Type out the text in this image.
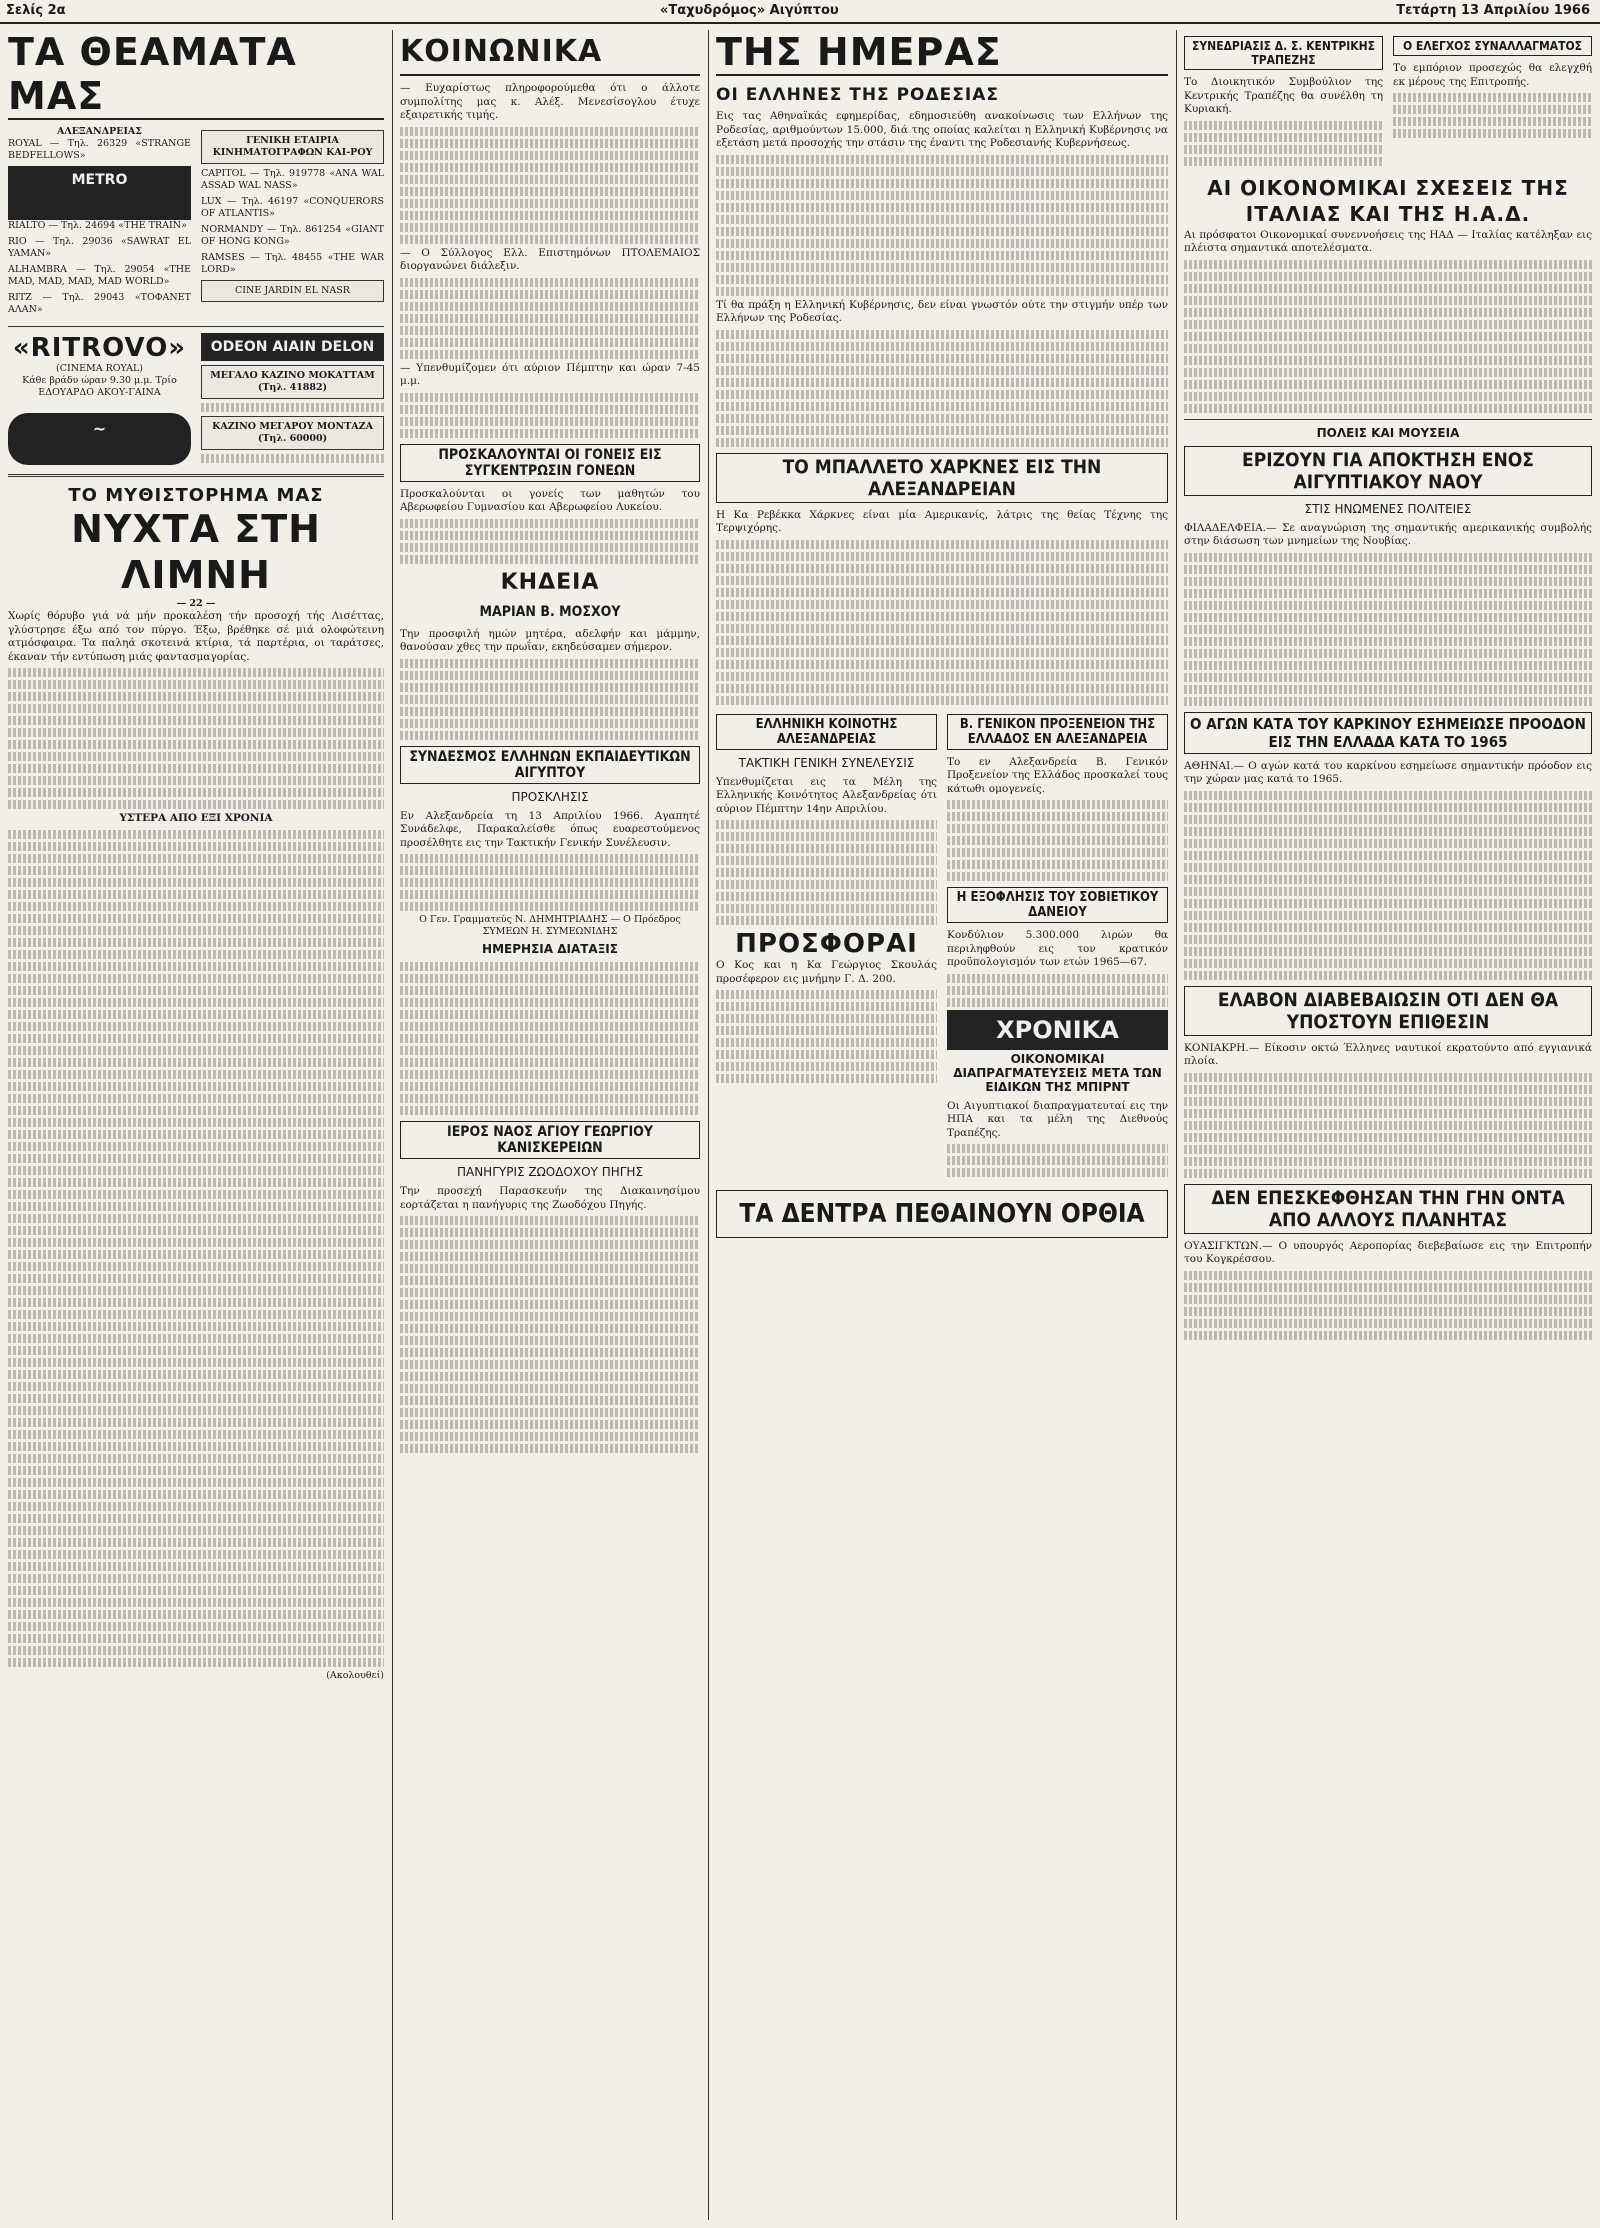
Σελίς 2α	«Ταχυδρόμος» Αιγύπτου	Τετάρτη 13 Απριλίου 1966
ΤΑ ΘΕΑΜΑΤΑ ΜΑΣ
ΑΛΕΞΑΝΔΡΕΙΑΣ

ROYAL — Τηλ. 26329 «STRANGE BEDFELLOWS»

METRO

RIALTO — Τηλ. 24694 «THE TRAIN»

RIO — Τηλ. 29036 «SAWRAT EL YAMAN»

ALHAMBRA — Τηλ. 29054 «THE MAD, MAD, MAD, MAD WORLD»

RITZ — Τηλ. 29043 «ΤΟΦΑΝΕΤ ΑΛΑΝ»

ΓΕΝΙΚΗ ΕΤΑΙΡΙΑ ΚΙΝΗΜΑΤΟΓΡΑΦΩΝ ΚΑΙ-ΡΟΥ

CAPITOL — Τηλ. 919778 «ΑΝΑ WAL ASSAD WAL NASS»

LUX — Τηλ. 46197 «CONQUERORS OF ATLANTIS»

NORMANDY — Τηλ. 861254 «GIANT OF HONG KONG»

RAMSES — Τηλ. 48455 «THE WAR LORD»

CINE JARDIN EL NASR
«RITROVO»
(CINEMA ROYAL)

Κάθε βράδυ ώραν 9.30 μ.μ. Τρίο ΕΔΟΥΑΡΔΟ ΑΚΟΥ-ΓΑΙΝΑ

~
ODEON AIAIN DELON
ΜΕΓΑΛΟ ΚΑΖΙΝΟ ΜΟΚΑΤΤΑΜ (Τηλ. 41882)
ΚΑΖΙΝΟ ΜΕΓΑΡΟΥ ΜΟΝΤΑΖΑ (Τηλ. 60000)
ΤΟ ΜΥΘΙΣΤΟΡΗΜΑ ΜΑΣ
ΝΥΧΤΑ ΣΤΗ ΛΙΜΝΗ
— 22 —

Χωρίς θόρυβο γιά νά μήν προκαλέση τήν προσοχή τής Λισέττας, γλύστρησε έξω από τον πύργο. Έξω, βρέθηκε σέ μιά ολοφώτεινη ατμόσφαιρα. Τα παληά σκοτεινά κτίρια, τά παρτέρια, οι ταράτσες, έκαναν τήν εντύπωση μιάς φαντασμαγορίας.

ΥΣΤΕΡΑ ΑΠΟ ΕΞΙ ΧΡΟΝΙΑ

(Ακολουθεί)

ΚΟΙΝΩΝΙΚΑ

— Ευχαρίστως πληροφορούμεθα ότι ο άλλοτε συμπολίτης μας κ. Αλέξ. Μενεσίσογλου έτυχε εξαιρετικής τιμής.

— Ο Σύλλογος Ελλ. Επιστημόνων ΠΤΟΛΕΜΑΙΟΣ διοργανώνει διάλεξιν.

— Υπενθυμίζομεν ότι αύριον Πέμπτην και ώραν 7-45 μ.μ.

ΠΡΟΣΚΑΛΟΥΝΤΑΙ ΟΙ ΓΟΝΕΙΣ ΕΙΣ ΣΥΓΚΕΝΤΡΩΣΙΝ ΓΟΝΕΩΝ

Προσκαλούνται οι γονείς των μαθητών του Αβερωφείου Γυμνασίου και Αβερωφείου Λυκείου.

ΚΗΔΕΙΑ
ΜΑΡΙΑΝ Β. ΜΟΣΧΟΥ

Την προσφιλή ημών μητέρα, αδελφήν και μάμμην, θανούσαν χθες την πρωΐαν, εκηδεύσαμεν σήμερον.

ΣΥΝΔΕΣΜΟΣ ΕΛΛΗΝΩΝ ΕΚΠΑΙΔΕΥΤΙΚΩΝ ΑΙΓΥΠΤΟΥ
ΠΡΟΣΚΛΗΣΙΣ

Εν Αλεξανδρεία τη 13 Απριλίου 1966. Αγαπητέ Συνάδελφε, Παρακαλείσθε όπως ευαρεστούμενος προσέλθητε εις την Τακτικήν Γενικήν Συνέλευσιν.

Ο Γεν. Γραμματεύς Ν. ΔΗΜΗΤΡΙΑΔΗΣ — Ο Πρόεδρος ΣΥΜΕΩΝ Η. ΣΥΜΕΩΝΙΔΗΣ

ΗΜΕΡΗΣΙΑ ΔΙΑΤΑΞΙΣ
ΙΕΡΟΣ ΝΑΟΣ ΑΓΙΟΥ ΓΕΩΡΓΙΟΥ ΚΑΝΙΣΚΕΡΕΙΩΝ
ΠΑΝΗΓΥΡΙΣ ΖΩΟΔΟΧΟΥ ΠΗΓΗΣ

Την προσεχή Παρασκευήν της Διακαινησίμου εορτάζεται η πανήγυρις της Ζωοδόχου Πηγής.

ΤΗΣ ΗΜΕΡΑΣ
ΟΙ ΕΛΛΗΝΕΣ ΤΗΣ ΡΟΔΕΣΙΑΣ

Εις τας Αθηναϊκάς εφημερίδας, εδημοσιεύθη ανακοίνωσις των Ελλήνων της Ροδεσίας, αριθμούντων 15.000, διά της οποίας καλείται η Ελληνική Κυβέρνησις να εξετάση μετά προσοχής την στάσιν της έναντι της Ροδεσιανής Κυβερνήσεως.

Τί θα πράξη η Ελληνική Κυβέρνησις, δεν είναι γνωστόν ούτε την στιγμήν υπέρ των Ελλήνων της Ροδεσίας.

ΤΟ ΜΠΑΛΛΕΤΟ ΧΑΡΚΝΕΣ ΕΙΣ ΤΗΝ ΑΛΕΞΑΝΔΡΕΙΑΝ

Η Κα Ρεβέκκα Χάρκνες είναι μία Αμερικανίς, λάτρις της θείας Τέχνης της Τερψιχόρης.

ΕΛΛΗΝΙΚΗ ΚΟΙΝΟΤΗΣ ΑΛΕΞΑΝΔΡΕΙΑΣ
ΤΑΚΤΙΚΗ ΓΕΝΙΚΗ ΣΥΝΕΛΕΥΣΙΣ

Υπενθυμίζεται εις τα Μέλη της Ελληνικής Κοινότητος Αλεξανδρείας ότι αύριον Πέμπτην 14ην Απριλίου.

ΠΡΟΣΦΟΡΑΙ

Ο Κος και η Κα Γεώργιος Σκουλάς προσέφερον εις μνήμην Γ. Δ. 200.

Β. ΓΕΝΙΚΟΝ ΠΡΟΞΕΝΕΙΟΝ ΤΗΣ ΕΛΛΑΔΟΣ ΕΝ ΑΛΕΞΑΝΔΡΕΙΑ

Το εν Αλεξανδρεία Β. Γενικόν Προξενείον της Ελλάδος προσκαλεί τους κάτωθι ομογενείς.

Η ΕΞΟΦΛΗΣΙΣ ΤΟΥ ΣΟΒΙΕΤΙΚΟΥ ΔΑΝΕΙΟΥ

Κονδύλιον 5.300.000 λιρών θα περιληφθούν εις τον κρατικόν προϋπολογισμόν των ετών 1965—67.

ΧΡΟΝΙΚΑ
ΟΙΚΟΝΟΜΙΚΑΙ ΔΙΑΠΡΑΓΜΑΤΕΥΣΕΙΣ ΜΕΤΑ ΤΩΝ ΕΙΔΙΚΩΝ ΤΗΣ ΜΠΙΡΝΤ

Οι Αιγυπτιακοί διαπραγματευταί εις την ΗΠΑ και τα μέλη της Διεθνούς Τραπέζης.

ΤΑ ΔΕΝΤΡΑ ΠΕΘΑΙΝΟΥΝ ΟΡΘΙΑ
ΣΥΝΕΔΡΙΑΣΙΣ Δ. Σ. ΚΕΝΤΡΙΚΗΣ ΤΡΑΠΕΖΗΣ

Το Διοικητικόν Συμβούλιον της Κεντρικής Τραπέζης θα συνέλθη τη Κυριακή.

Ο ΕΛΕΓΧΟΣ ΣΥΝΑΛΛΑΓΜΑΤΟΣ

Το εμπόριον προσεχώς θα ελεγχθή εκ μέρους της Επιτροπής.

ΑΙ ΟΙΚΟΝΟΜΙΚΑΙ ΣΧΕΣΕΙΣ ΤΗΣ ΙΤΑΛΙΑΣ ΚΑΙ ΤΗΣ Η.Α.Δ.

Αι πρόσφατοι Οικονομικαί συνεννοήσεις της ΗΑΔ — Ιταλίας κατέληξαν εις πλέιστα σημαντικά αποτελέσματα.

ΠΟΛΕΙΣ ΚΑΙ ΜΟΥΣΕΙΑ
ΕΡΙΖΟΥΝ ΓΙΑ ΑΠΟΚΤΗΣΗ ΕΝΟΣ ΑΙΓΥΠΤΙΑΚΟΥ ΝΑΟΥ
ΣΤΙΣ ΗΝΩΜΕΝΕΣ ΠΟΛΙΤΕΙΕΣ

ΦΙΛΑΔΕΛΦΕΙΑ.— Σε αναγνώριση της σημαντικής αμερικανικής συμβολής στην διάσωση των μνημείων της Νουβίας.

Ο ΑΓΩΝ ΚΑΤΑ ΤΟΥ ΚΑΡΚΙΝΟΥ ΕΣΗΜΕΙΩΣΕ ΠΡΟΟΔΟΝ ΕΙΣ ΤΗΝ ΕΛΛΑΔΑ ΚΑΤΑ ΤΟ 1965

ΑΘΗΝΑΙ.— Ο αγών κατά του καρκίνου εσημείωσε σημαντικήν πρόοδον εις την χώραν μας κατά το 1965.

ΕΛΑΒΟΝ ΔΙΑΒΕΒΑΙΩΣΙΝ ΟΤΙ ΔΕΝ ΘΑ ΥΠΟΣΤΟΥΝ ΕΠΙΘΕΣΙΝ

ΚΟΝΙΑΚΡΗ.— Είκοσιν οκτώ Έλληνες ναυτικοί εκρατούντο από εγγιανικά πλοία.

ΔΕΝ ΕΠΕΣΚΕΦΘΗΣΑΝ ΤΗΝ ΓΗΝ ΟΝΤΑ ΑΠΟ ΑΛΛΟΥΣ ΠΛΑΝΗΤΑΣ

ΟΥΑΣΙΓΚΤΩΝ.— Ο υπουργός Αεροπορίας διεβεβαίωσε εις την Επιτροπήν του Κογκρέσσου.
